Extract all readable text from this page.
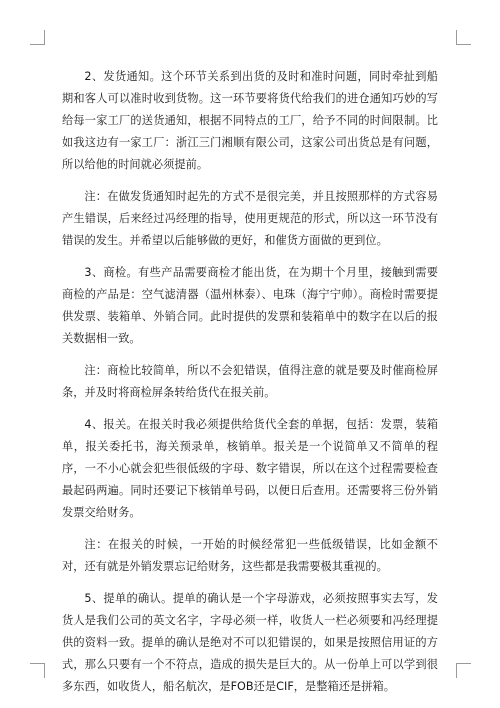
2、发货通知。这个环节关系到出货的及时和准时问题，同时牵扯到船期和客人可以准时收到货物。这一环节要将货代给我们的进仓通知巧妙的写给每一家工厂的送货通知，根据不同特点的工厂，给予不同的时间限制。比如我这边有一家工厂：浙江三门湘顺有限公司，这家公司出货总是有问题，所以给他的时间就必须提前。

注：在做发货通知时起先的方式不是很完美，并且按照那样的方式容易产生错误，后来经过冯经理的指导，使用更规范的形式，所以这一环节没有错误的发生。并希望以后能够做的更好，和催货方面做的更到位。

3、商检。有些产品需要商检才能出货，在为期十个月里，接触到需要商检的产品是：空气滤清器（温州林泰）、电珠（海宁宁帅）。商检时需要提供发票、装箱单、外销合同。此时提供的发票和装箱单中的数字在以后的报关数据相一致。

注：商检比较简单，所以不会犯错误，值得注意的就是要及时催商检屏条，并及时将商检屏条转给货代在报关前。

4、报关。在报关时我必须提供给货代全套的单据，包括：发票，装箱单，报关委托书，海关预录单，核销单。报关是一个说简单又不简单的程序，一不小心就会犯些很低级的字母、数字错误，所以在这个过程需要检查最起码两遍。同时还要记下核销单号码，以便日后查用。还需要将三份外销发票交给财务。

注：在报关的时候，一开始的时候经常犯一些低级错误，比如金额不对，还有就是外销发票忘记给财务，这些都是我需要极其重视的。

5、提单的确认。提单的确认是一个字母游戏，必须按照事实去写，发货人是我们公司的英文名字，字母必须一样，收货人一栏必须要和冯经理提供的资料一致。提单的确认是绝对不可以犯错误的，如果是按照信用证的方式，那么只要有一个不符点，造成的损失是巨大的。从一份单上可以学到很多东西，如收货人，船名航次，是FOB还是CIF，是整箱还是拼箱。
